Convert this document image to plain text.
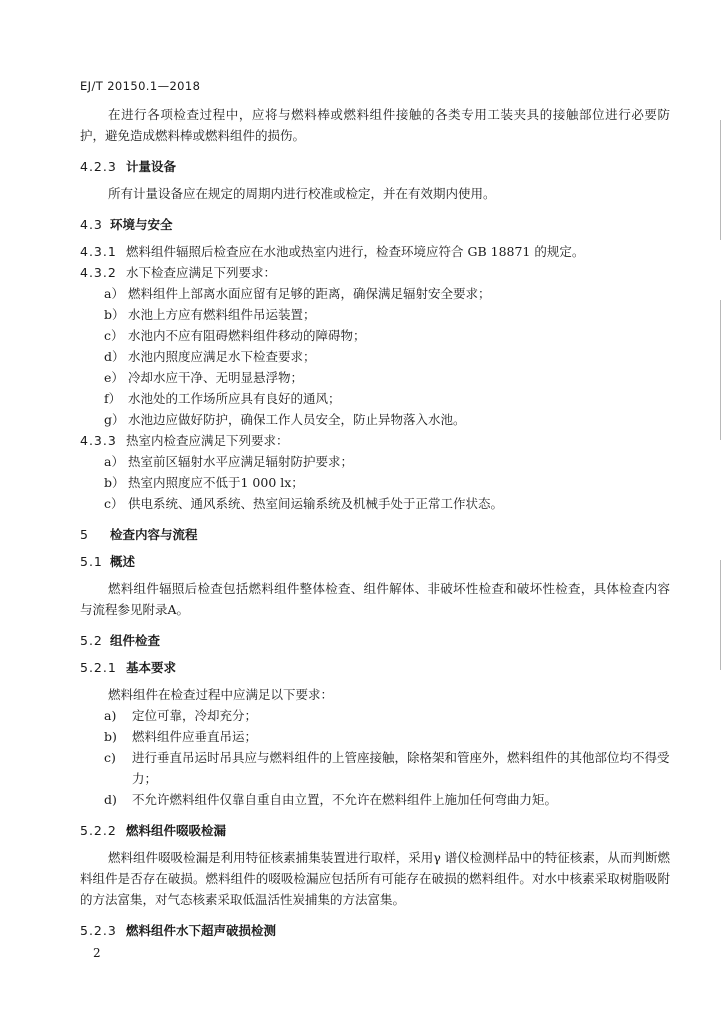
EJ/T 20150.1—2018

在进行各项检查过程中，应将与燃料棒或燃料组件接触的各类专用工装夹具的接触部位进行必要防护，避免造成燃料棒或燃料组件的损伤。

4.2.3 计量设备

所有计量设备应在规定的周期内进行校准或检定，并在有效期内使用。

4.3 环境与安全

4.3.1 燃料组件辐照后检查应在水池或热室内进行，检查环境应符合 GB 18871 的规定。

4.3.2 水下检查应满足下列要求：

a） 燃料组件上部离水面应留有足够的距离，确保满足辐射安全要求；

b） 水池上方应有燃料组件吊运装置；

c） 水池内不应有阻碍燃料组件移动的障碍物；

d） 水池内照度应满足水下检查要求；

e） 冷却水应干净、无明显悬浮物；

f） 水池处的工作场所应具有良好的通风；

g） 水池边应做好防护，确保工作人员安全，防止异物落入水池。

4.3.3 热室内检查应满足下列要求：

a） 热室前区辐射水平应满足辐射防护要求；

b） 热室内照度应不低于1 000 lx；

c） 供电系统、通风系统、热室间运输系统及机械手处于正常工作状态。

5 检查内容与流程

5.1 概述

燃料组件辐照后检查包括燃料组件整体检查、组件解体、非破坏性检查和破坏性检查，具体检查内容与流程参见附录A。

5.2 组件检查

5.2.1 基本要求

燃料组件在检查过程中应满足以下要求：

a) 定位可靠，冷却充分；

b) 燃料组件应垂直吊运；

c) 进行垂直吊运时吊具应与燃料组件的上管座接触，除格架和管座外，燃料组件的其他部位均不得受力；

d) 不允许燃料组件仅靠自重自由立置，不允许在燃料组件上施加任何弯曲力矩。

5.2.2 燃料组件啜吸检漏

燃料组件啜吸检漏是利用特征核素捕集装置进行取样，采用γ 谱仪检测样品中的特征核素，从而判断燃料组件是否存在破损。燃料组件的啜吸检漏应包括所有可能存在破损的燃料组件。对水中核素采取树脂吸附的方法富集，对气态核素采取低温活性炭捕集的方法富集。

5.2.3 燃料组件水下超声破损检测

2
